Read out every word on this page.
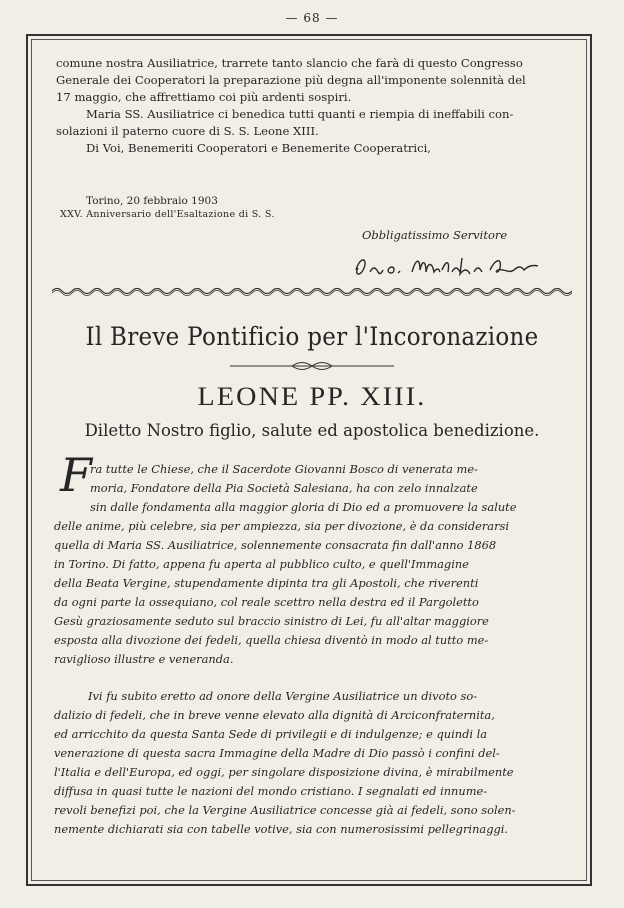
— 68 —

comune nostra Ausiliatrice, trarrete tanto slancio che farà di questo Congresso

Generale dei Cooperatori la preparazione più degna all'imponente solennità del

17 maggio, che affrettiamo coi più ardenti sospiri.

Maria SS. Ausiliatrice ci benedica tutti quanti e riempia di ineffabili con-

solazioni il paterno cuore di S. S. Leone XIII.

Di Voi, Benemeriti Cooperatori e Benemerite Cooperatrici,

Torino, 20 febbraio 1903
XXV. Anniversario dell'Esaltazione di S. S.
Obbligatissimo Servitore
Il Breve Pontificio per l'Incoronazione
LEONE PP. XIII.
Diletto Nostro figlio, salute ed apostolica benedizione.
F
ra tutte le Chiese, che il Sacerdote Giovanni Bosco di venerata me-
moria, Fondatore della Pia Società Salesiana, ha con zelo innalzate
sin dalle fondamenta alla maggior gloria di Dio ed a promuovere la salute
delle anime, più celebre, sia per ampiezza, sia per divozione, è da considerarsi
quella di Maria SS. Ausiliatrice, solennemente consacrata fin dall'anno 1868
in Torino. Di fatto, appena fu aperta al pubblico culto, e quell'Immagine
della Beata Vergine, stupendamente dipinta tra gli Apostoli, che riverenti
da ogni parte la ossequiano, col reale scettro nella destra ed il Pargoletto
Gesù graziosamente seduto sul braccio sinistro di Lei, fu all'altar maggiore
esposta alla divozione dei fedeli, quella chiesa diventò in modo al tutto me-
raviglioso illustre e veneranda.
Ivi fu subito eretto ad onore della Vergine Ausiliatrice un divoto so-
dalizio di fedeli, che in breve venne elevato alla dignità di Arciconfraternita,
ed arricchito da questa Santa Sede di privilegii e di indulgenze; e quindi la
venerazione di questa sacra Immagine della Madre di Dio passò i confini del-
l'Italia e dell'Europa, ed oggi, per singolare disposizione divina, è mirabilmente
diffusa in quasi tutte le nazioni del mondo cristiano. I segnalati ed innume-
revoli benefizi poi, che la Vergine Ausiliatrice concesse già ai fedeli, sono solen-
nemente dichiarati sia con tabelle votive, sia con numerosissimi pellegrinaggi.
